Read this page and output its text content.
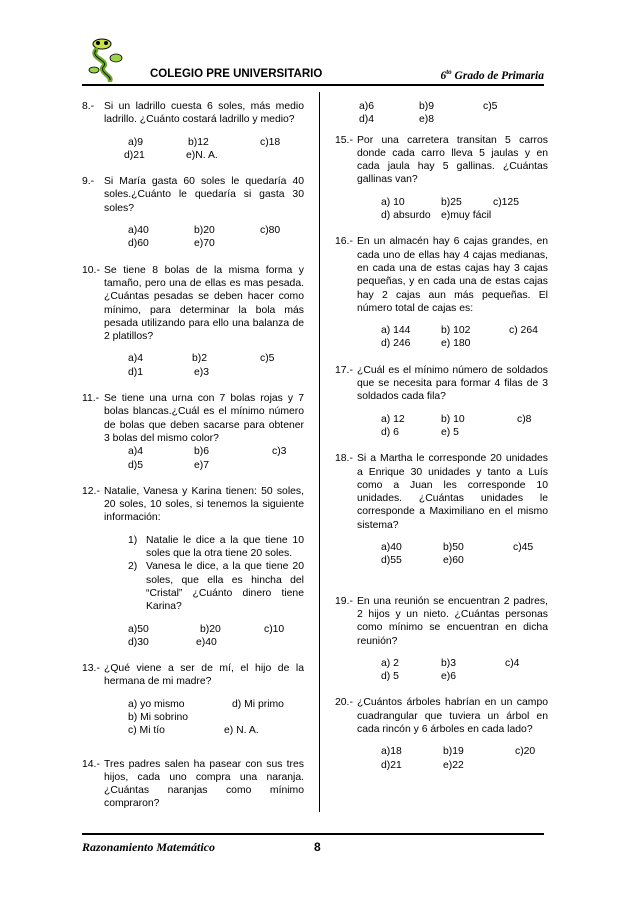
COLEGIO PRE UNIVERSITARIO	$6^{to}$ Grado de Primaria
8.- Si un ladrillo cuesta 6 soles, más medio ladrillo. ¿Cuánto costará ladrillo y medio?
a)9	b)12	c)18
d)21	e)N. A.
9.- Si María gasta 60 soles le quedaría 40 soles.¿Cuánto le quedaría si gasta 30 soles?
a)40	b)20	c)80
d)60	e)70
10.- Se tiene 8 bolas de la misma forma y tamaño, pero una de ellas es mas pesada. ¿Cuántas pesadas se deben hacer como mínimo, para determinar la bola más pesada utilizando para ello una balanza de 2 platillos?
a)4	b)2	c)5
d)1	e)3
11.- Se tiene una urna con 7 bolas rojas y 7 bolas blancas.¿Cuál es el mínimo número de bolas que deben sacarse para obtener 3 bolas del mismo color?
a)4	b)6	c)3
d)5	e)7
12.- Natalie, Vanesa y Karina tienen: 50 soles, 20 soles, 10 soles, si tenemos la siguiente información:
1) Natalie le dice a la que tiene 10 soles que la otra tiene 20 soles.
2) Vanesa le dice, a la que tiene 20 soles, que ella es hincha del “Cristal” ¿Cuánto dinero tiene Karina?
a)50	b)20	c)10
d)30	e)40
13.- ¿Qué viene a ser de mí, el hijo de la hermana de mi madre?
a) yo mismo	d) Mi primo
b) Mi sobrino
c) Mi tío	e) N. A.
14.- Tres padres salen ha pasear con sus tres hijos, cada uno compra una naranja. ¿Cuántas naranjas como mínimo compraron?
a)6	b)9	c)5
d)4	e)8
15.- Por una carretera transitan 5 carros donde cada carro lleva 5 jaulas y en cada jaula hay 5 gallinas. ¿Cuántas gallinas van?
a) 10	b)25	c)125
d) absurdo e)muy fácil
16.- En un almacén hay 6 cajas grandes, en cada uno de ellas hay 4 cajas medianas, en cada una de estas cajas hay 3 cajas pequeñas, y en cada una de estas cajas hay 2 cajas aun más pequeñas. El número total de cajas es:
a) 144	b) 102	c) 264
d) 246	e) 180
17.- ¿Cuál es el mínimo número de soldados que se necesita para formar 4 filas de 3 soldados cada fila?
a) 12	b) 10	c)8
d) 6	e) 5
18.- Si a Martha le corresponde 20 unidades a Enrique 30 unidades y tanto a Luís como a Juan les corresponde 10 unidades. ¿Cuántas unidades le corresponde a Maximiliano en el mismo sistema?
a)40	b)50	c)45
d)55	e)60
19.- En una reunión se encuentran 2 padres, 2 hijos y un nieto. ¿Cuántas personas como mínimo se encuentran en dicha reunión?
a) 2	b)3	c)4
d) 5	e)6
20.- ¿Cuántos árboles habrían en un campo cuadrangular que tuviera un árbol en cada rincón y 6 árboles en cada lado?
a)18	b)19	c)20
d)21	e)22
Razonamiento Matemático	8
